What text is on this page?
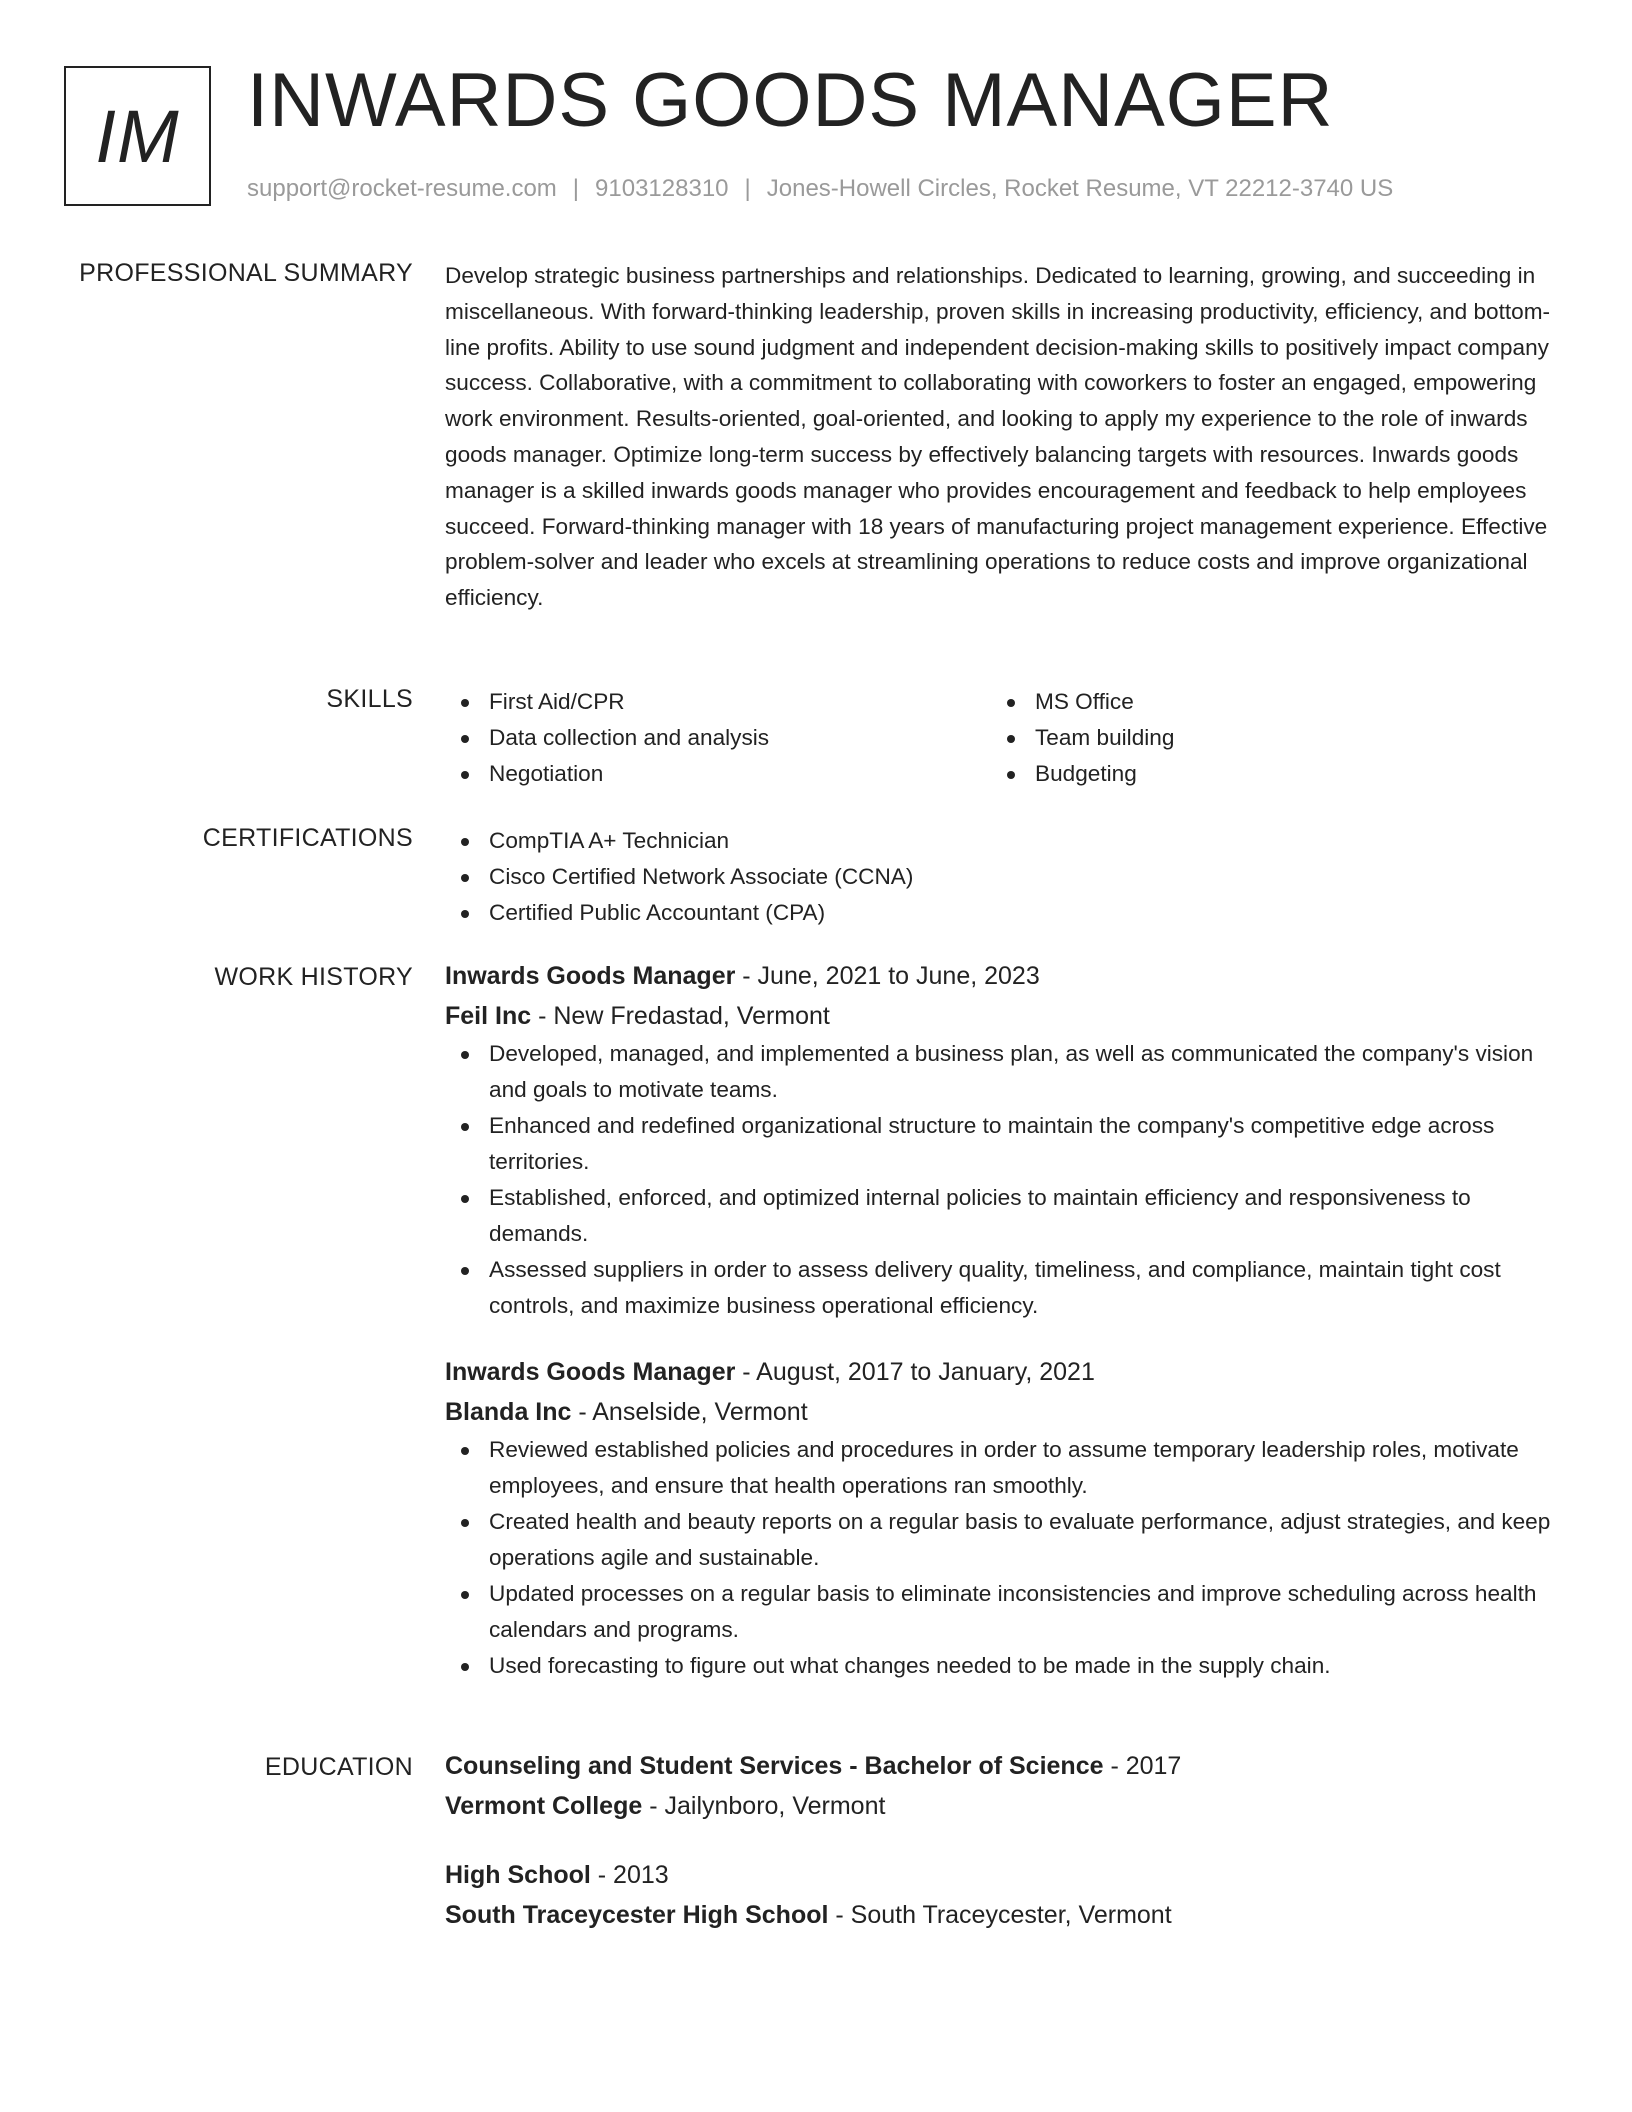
IM INWARDS GOODS MANAGER
support@rocket-resume.com | 9103128310 | Jones-Howell Circles, Rocket Resume, VT 22212-3740 US
PROFESSIONAL SUMMARY Develop strategic business partnerships and relationships. Dedicated to learning, growing, and succeeding in miscellaneous. With forward-thinking leadership, proven skills in increasing productivity, efficiency, and bottom-line profits. Ability to use sound judgment and independent decision-making skills to positively impact company success. Collaborative, with a commitment to collaborating with coworkers to foster an engaged, empowering work environment. Results-oriented, goal-oriented, and looking to apply my experience to the role of inwards goods manager. Optimize long-term success by effectively balancing targets with resources. Inwards goods manager is a skilled inwards goods manager who provides encouragement and feedback to help employees succeed. Forward-thinking manager with 18 years of manufacturing project management experience. Effective problem-solver and leader who excels at streamlining operations to reduce costs and improve organizational efficiency.

SKILLS	First Aid/CPR
Data collection and analysis
Negotiation
MS Office
Team building
Budgeting
CERTIFICATIONS	CompTIA A+ Technician
Cisco Certified Network Associate (CCNA)
Certified Public Accountant (CPA)
WORK HISTORY Inwards Goods Manager - June, 2021 to June, 2023
Feil Inc - New Fredastad, Vermont
Developed, managed, and implemented a business plan, as well as communicated the company's vision and goals to motivate teams.
Enhanced and redefined organizational structure to maintain the company's competitive edge across territories.
Established, enforced, and optimized internal policies to maintain efficiency and responsiveness to demands.
Assessed suppliers in order to assess delivery quality, timeliness, and compliance, maintain tight cost controls, and maximize business operational efficiency.
Inwards Goods Manager - August, 2017 to January, 2021
Blanda Inc - Anselside, Vermont
Reviewed established policies and procedures in order to assume temporary leadership roles, motivate employees, and ensure that health operations ran smoothly.
Created health and beauty reports on a regular basis to evaluate performance, adjust strategies, and keep operations agile and sustainable.
Updated processes on a regular basis to eliminate inconsistencies and improve scheduling across health calendars and programs.
Used forecasting to figure out what changes needed to be made in the supply chain.
EDUCATION Counseling and Student Services - Bachelor of Science - 2017
Vermont College - Jailynboro, Vermont
High School - 2013
South Traceycester High School - South Traceycester, Vermont
